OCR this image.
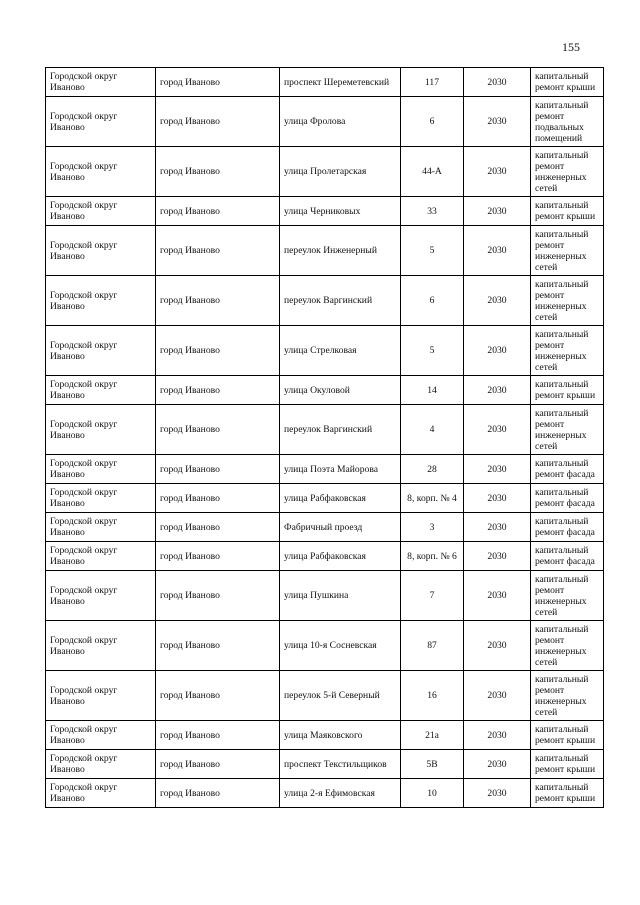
155
Городской округ Иваново	город Иваново	проспект Шереметевский	117	2030	капитальный ремонт крыши
Городской округ Иваново	город Иваново	улица Фролова	6	2030	капитальный ремонт подвальных помещений
Городской округ Иваново	город Иваново	улица Пролетарская	44-А	2030	капитальный ремонт инженерных сетей
Городской округ Иваново	город Иваново	улица Черниковых	33	2030	капитальный ремонт крыши
Городской округ Иваново	город Иваново	переулок Инженерный	5	2030	капитальный ремонт инженерных сетей
Городской округ Иваново	город Иваново	переулок Варгинский	6	2030	капитальный ремонт инженерных сетей
Городской округ Иваново	город Иваново	улица Стрелковая	5	2030	капитальный ремонт инженерных сетей
Городской округ Иваново	город Иваново	улица Окуловой	14	2030	капитальный ремонт крыши
Городской округ Иваново	город Иваново	переулок Варгинский	4	2030	капитальный ремонт инженерных сетей
Городской округ Иваново	город Иваново	улица Поэта Майорова	28	2030	капитальный ремонт фасада
Городской округ Иваново	город Иваново	улица Рабфаковская	8, корп. № 4	2030	капитальный ремонт фасада
Городской округ Иваново	город Иваново	Фабричный проезд	3	2030	капитальный ремонт фасада
Городской округ Иваново	город Иваново	улица Рабфаковская	8, корп. № 6	2030	капитальный ремонт фасада
Городской округ Иваново	город Иваново	улица Пушкина	7	2030	капитальный ремонт инженерных сетей
Городской округ Иваново	город Иваново	улица 10-я Сосневская	87	2030	капитальный ремонт инженерных сетей
Городской округ Иваново	город Иваново	переулок 5-й Северный	16	2030	капитальный ремонт инженерных сетей
Городской округ Иваново	город Иваново	улица Маяковского	21а	2030	капитальный ремонт крыши
Городской округ Иваново	город Иваново	проспект Текстильщиков	5В	2030	капитальный ремонт крыши
Городской округ Иваново	город Иваново	улица 2-я Ефимовская	10	2030	капитальный ремонт крыши
